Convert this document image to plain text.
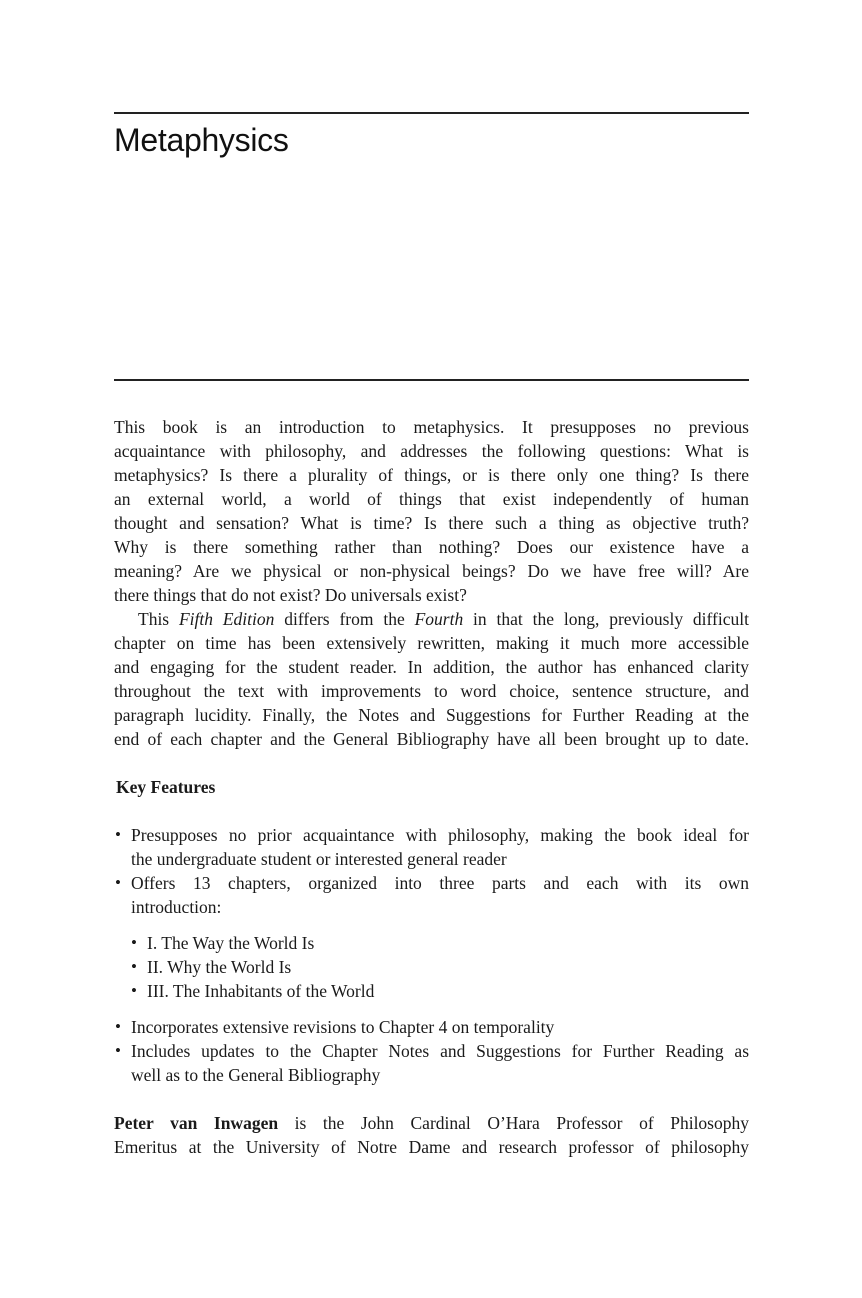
Metaphysics
This book is an introduction to metaphysics. It presupposes no previous
acquaintance with philosophy, and addresses the following questions: What is
metaphysics? Is there a plurality of things, or is there only one thing? Is there
an external world, a world of things that exist independently of human
thought and sensation? What is time? Is there such a thing as objective truth?
Why is there something rather than nothing? Does our existence have a
meaning? Are we physical or non-physical beings? Do we have free will? Are
there things that do not exist? Do universals exist?
This Fifth Edition differs from the Fourth in that the long, previously difficult
chapter on time has been extensively rewritten, making it much more accessible
and engaging for the student reader. In addition, the author has enhanced clarity
throughout the text with improvements to word choice, sentence structure, and
paragraph lucidity. Finally, the Notes and Suggestions for Further Reading at the
end of each chapter and the General Bibliography have all been brought up to date.
Key Features
• Presupposes no prior acquaintance with philosophy, making the book ideal for
the undergraduate student or interested general reader
• Offers 13 chapters, organized into three parts and each with its own
introduction:
• I. The Way the World Is
• II. Why the World Is
• III. The Inhabitants of the World
• Incorporates extensive revisions to Chapter 4 on temporality
• Includes updates to the Chapter Notes and Suggestions for Further Reading as
well as to the General Bibliography
Peter van Inwagen is the John Cardinal O’Hara Professor of Philosophy
Emeritus at the University of Notre Dame and research professor of philosophy
